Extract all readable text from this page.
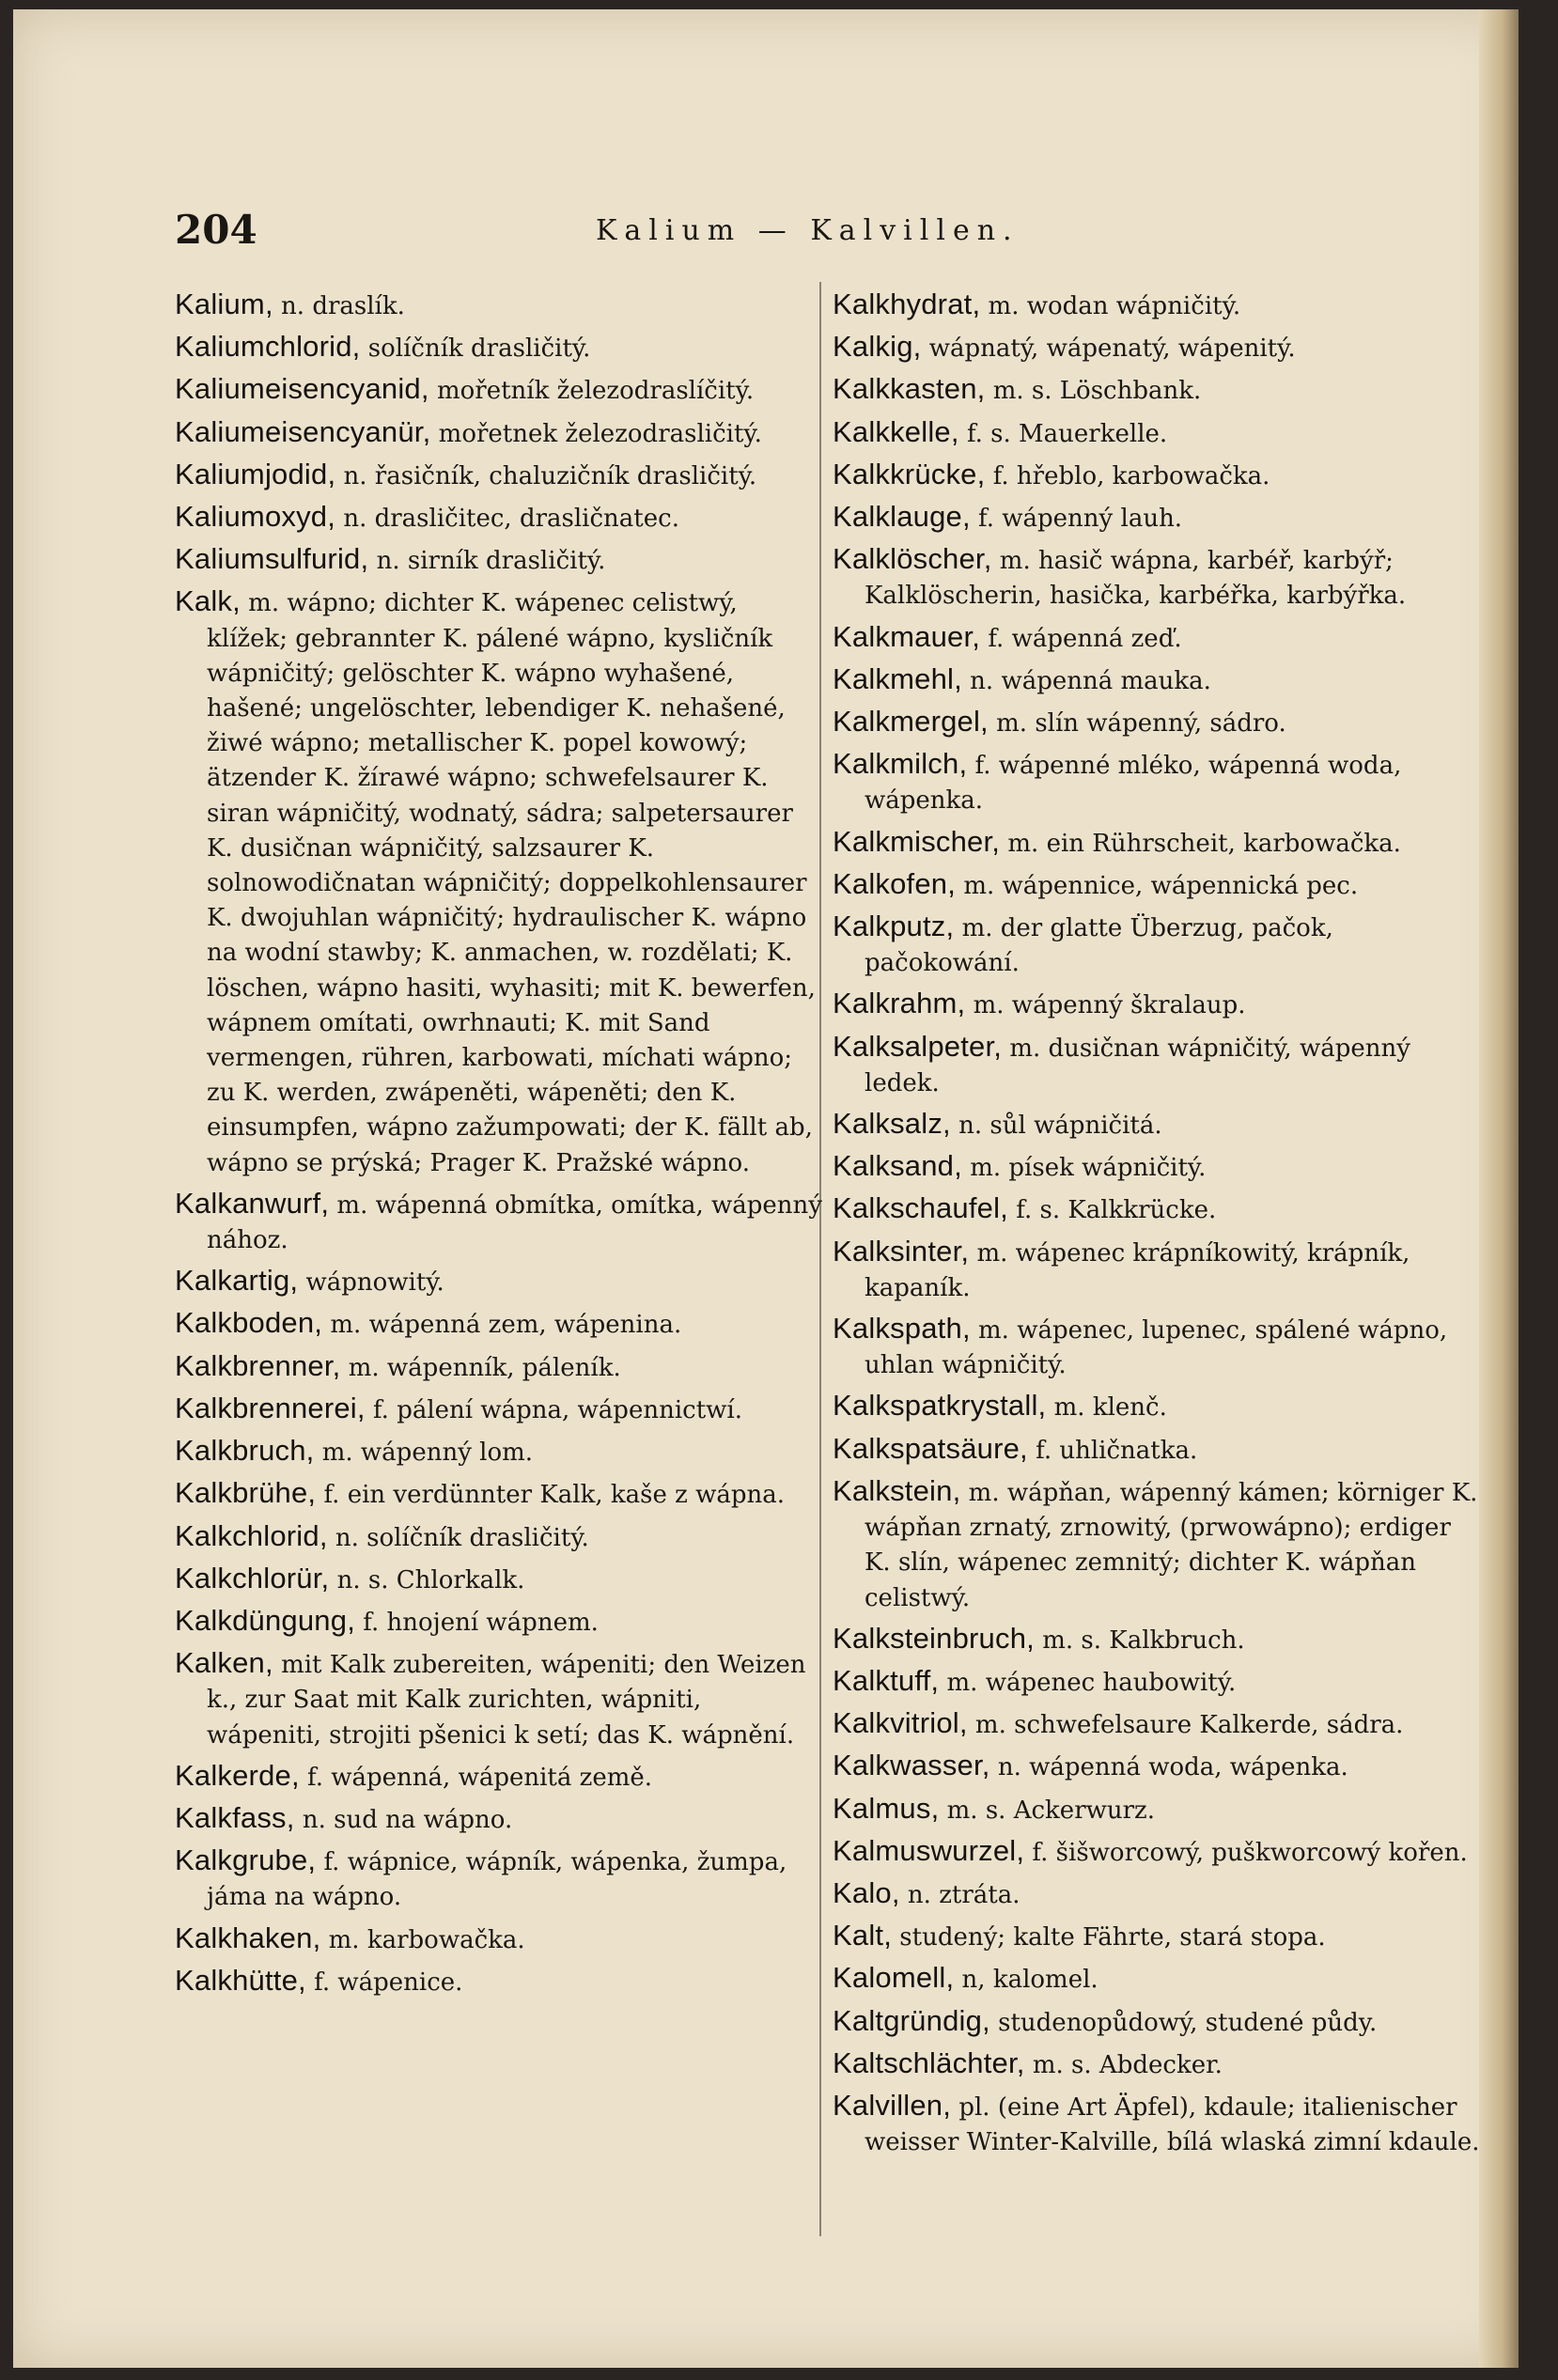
204	Kalium — Kalvillen.
Kalium, n. draslík.
Kaliumchlorid, solíčník drasličitý.
Kaliumeisencyanid, mořetník železodraslíčitý.
Kaliumeisencyanür, mořetnek železodrasličitý.
Kaliumjodid, n. řasičník, chaluzičník drasličitý.
Kaliumoxyd, n. drasličitec, drasličnatec.
Kaliumsulfurid, n. sirník drasličitý.
Kalk, m. wápno; dichter K. wápenec celistwý, klížek; gebrannter K. pálené wápno, kysličník wápničitý; gelöschter K. wápno wyhašené, hašené; ungelöschter, lebendiger K. nehašené, žiwé wápno; metallischer K. popel kowowý; ätzender K. žírawé wápno; schwefelsaurer K. siran wápničitý, wodnatý, sádra; salpetersaurer K. dusičnan wápničitý, salzsaurer K. solnowodičnatan wápničitý; doppelkohlensaurer K. dwojuhlan wápničitý; hydraulischer K. wápno na wodní stawby; K. anmachen, w. rozdělati; K. löschen, wápno hasiti, wyhasiti; mit K. bewerfen, wápnem omítati, owrhnauti; K. mit Sand vermengen, rühren, karbowati, míchati wápno; zu K. werden, zwápeněti, wápeněti; den K. einsumpfen, wápno zažumpowati; der K. fällt ab, wápno se prýská; Prager K. Pražské wápno.
Kalkanwurf, m. wápenná obmítka, omítka, wápenný nához.
Kalkartig, wápnowitý.
Kalkboden, m. wápenná zem, wápenina.
Kalkbrenner, m. wápenník, páleník.
Kalkbrennerei, f. pálení wápna, wápennictwí.
Kalkbruch, m. wápenný lom.
Kalkbrühe, f. ein verdünnter Kalk, kaše z wápna.
Kalkchlorid, n. solíčník drasličitý.
Kalkchlorür, n. s. Chlorkalk.
Kalkdüngung, f. hnojení wápnem.
Kalken, mit Kalk zubereiten, wápeniti; den Weizen k., zur Saat mit Kalk zurichten, wápniti, wápeniti, strojiti pšenici k setí; das K. wápnění.
Kalkerde, f. wápenná, wápenitá země.
Kalkfass, n. sud na wápno.
Kalkgrube, f. wápnice, wápník, wápenka, žumpa, jáma na wápno.
Kalkhaken, m. karbowačka.
Kalkhütte, f. wápenice.
Kalkhydrat, m. wodan wápničitý.
Kalkig, wápnatý, wápenatý, wápenitý.
Kalkkasten, m. s. Löschbank.
Kalkkelle, f. s. Mauerkelle.
Kalkkrücke, f. hřeblo, karbowačka.
Kalklauge, f. wápenný lauh.
Kalklöscher, m. hasič wápna, karbéř, karbýř; Kalklöscherin, hasička, karbéřka, karbýřka.
Kalkmauer, f. wápenná zeď.
Kalkmehl, n. wápenná mauka.
Kalkmergel, m. slín wápenný, sádro.
Kalkmilch, f. wápenné mléko, wápenná woda, wápenka.
Kalkmischer, m. ein Rührscheit, karbowačka.
Kalkofen, m. wápennice, wápennická pec.
Kalkputz, m. der glatte Überzug, pačok, pačokowání.
Kalkrahm, m. wápenný škralaup.
Kalksalpeter, m. dusičnan wápničitý, wápenný ledek.
Kalksalz, n. sůl wápničitá.
Kalksand, m. písek wápničitý.
Kalkschaufel, f. s. Kalkkrücke.
Kalksinter, m. wápenec krápníkowitý, krápník, kapaník.
Kalkspath, m. wápenec, lupenec, spálené wápno, uhlan wápničitý.
Kalkspatkrystall, m. klenč.
Kalkspatsäure, f. uhličnatka.
Kalkstein, m. wápňan, wápenný kámen; körniger K. wápňan zrnatý, zrnowitý, (prwowápno); erdiger K. slín, wápenec zemnitý; dichter K. wápňan celistwý.
Kalksteinbruch, m. s. Kalkbruch.
Kalktuff, m. wápenec haubowitý.
Kalkvitriol, m. schwefelsaure Kalkerde, sádra.
Kalkwasser, n. wápenná woda, wápenka.
Kalmus, m. s. Ackerwurz.
Kalmuswurzel, f. šišworcowý, puškworcowý kořen.
Kalo, n. ztráta.
Kalt, studený; kalte Fährte, stará stopa.
Kalomell, n, kalomel.
Kaltgründig, studenopůdowý, studené půdy.
Kaltschlächter, m. s. Abdecker.
Kalvillen, pl. (eine Art Äpfel), kdaule; italienischer weisser Winter-Kalville, bílá wlaská zimní kdaule.
